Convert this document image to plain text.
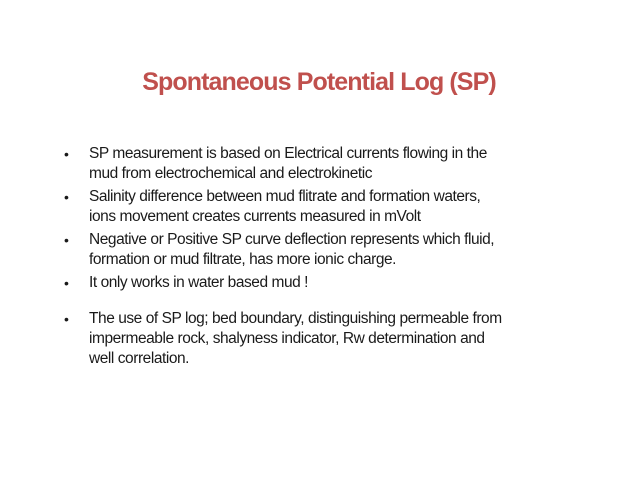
Spontaneous Potential Log (SP)
• SP measurement is based on Electrical currents flowing in the
mud from electrochemical and electrokinetic
• Salinity difference between mud flitrate and formation waters,
ions movement creates currents measured in mVolt
• Negative or Positive SP curve deflection represents which fluid,
formation or mud filtrate, has more ionic charge.
• It only works in water based mud !
• The use of SP log; bed boundary, distinguishing permeable from
impermeable rock, shalyness indicator, Rw determination and
well correlation.
